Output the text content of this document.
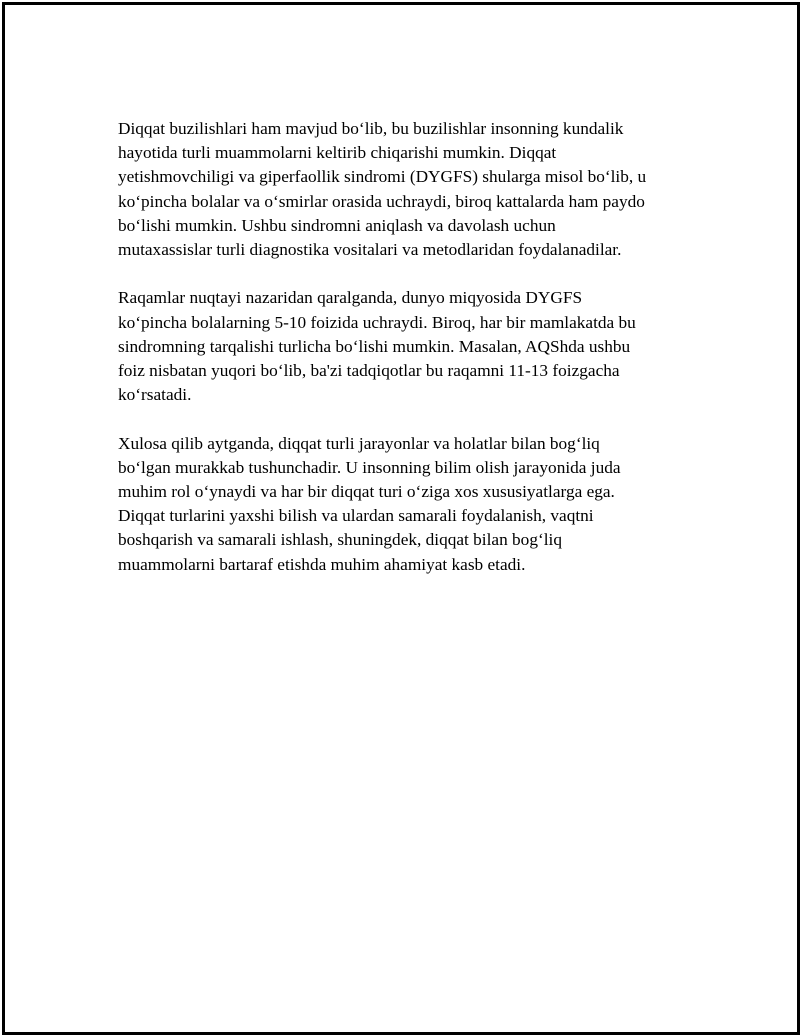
Diqqat buzilishlari ham mavjud boʻlib, bu buzilishlar insonning kundalik
hayotida turli muammolarni keltirib chiqarishi mumkin. Diqqat
yetishmovchiligi va giperfaollik sindromi (DYGFS) shularga misol boʻlib, u
koʻpincha bolalar va oʻsmirlar orasida uchraydi, biroq kattalarda ham paydo
boʻlishi mumkin. Ushbu sindromni aniqlash va davolash uchun
mutaxassislar turli diagnostika vositalari va metodlaridan foydalanadilar.

Raqamlar nuqtayi nazaridan qaralganda, dunyo miqyosida DYGFS
koʻpincha bolalarning 5-10 foizida uchraydi. Biroq, har bir mamlakatda bu
sindromning tarqalishi turlicha boʻlishi mumkin. Masalan, AQShda ushbu
foiz nisbatan yuqori boʻlib, ba'zi tadqiqotlar bu raqamni 11-13 foizgacha
koʻrsatadi.

Xulosa qilib aytganda, diqqat turli jarayonlar va holatlar bilan bogʻliq
boʻlgan murakkab tushunchadir. U insonning bilim olish jarayonida juda
muhim rol oʻynaydi va har bir diqqat turi oʻziga xos xususiyatlarga ega.
Diqqat turlarini yaxshi bilish va ulardan samarali foydalanish, vaqtni
boshqarish va samarali ishlash, shuningdek, diqqat bilan bogʻliq
muammolarni bartaraf etishda muhim ahamiyat kasb etadi.
